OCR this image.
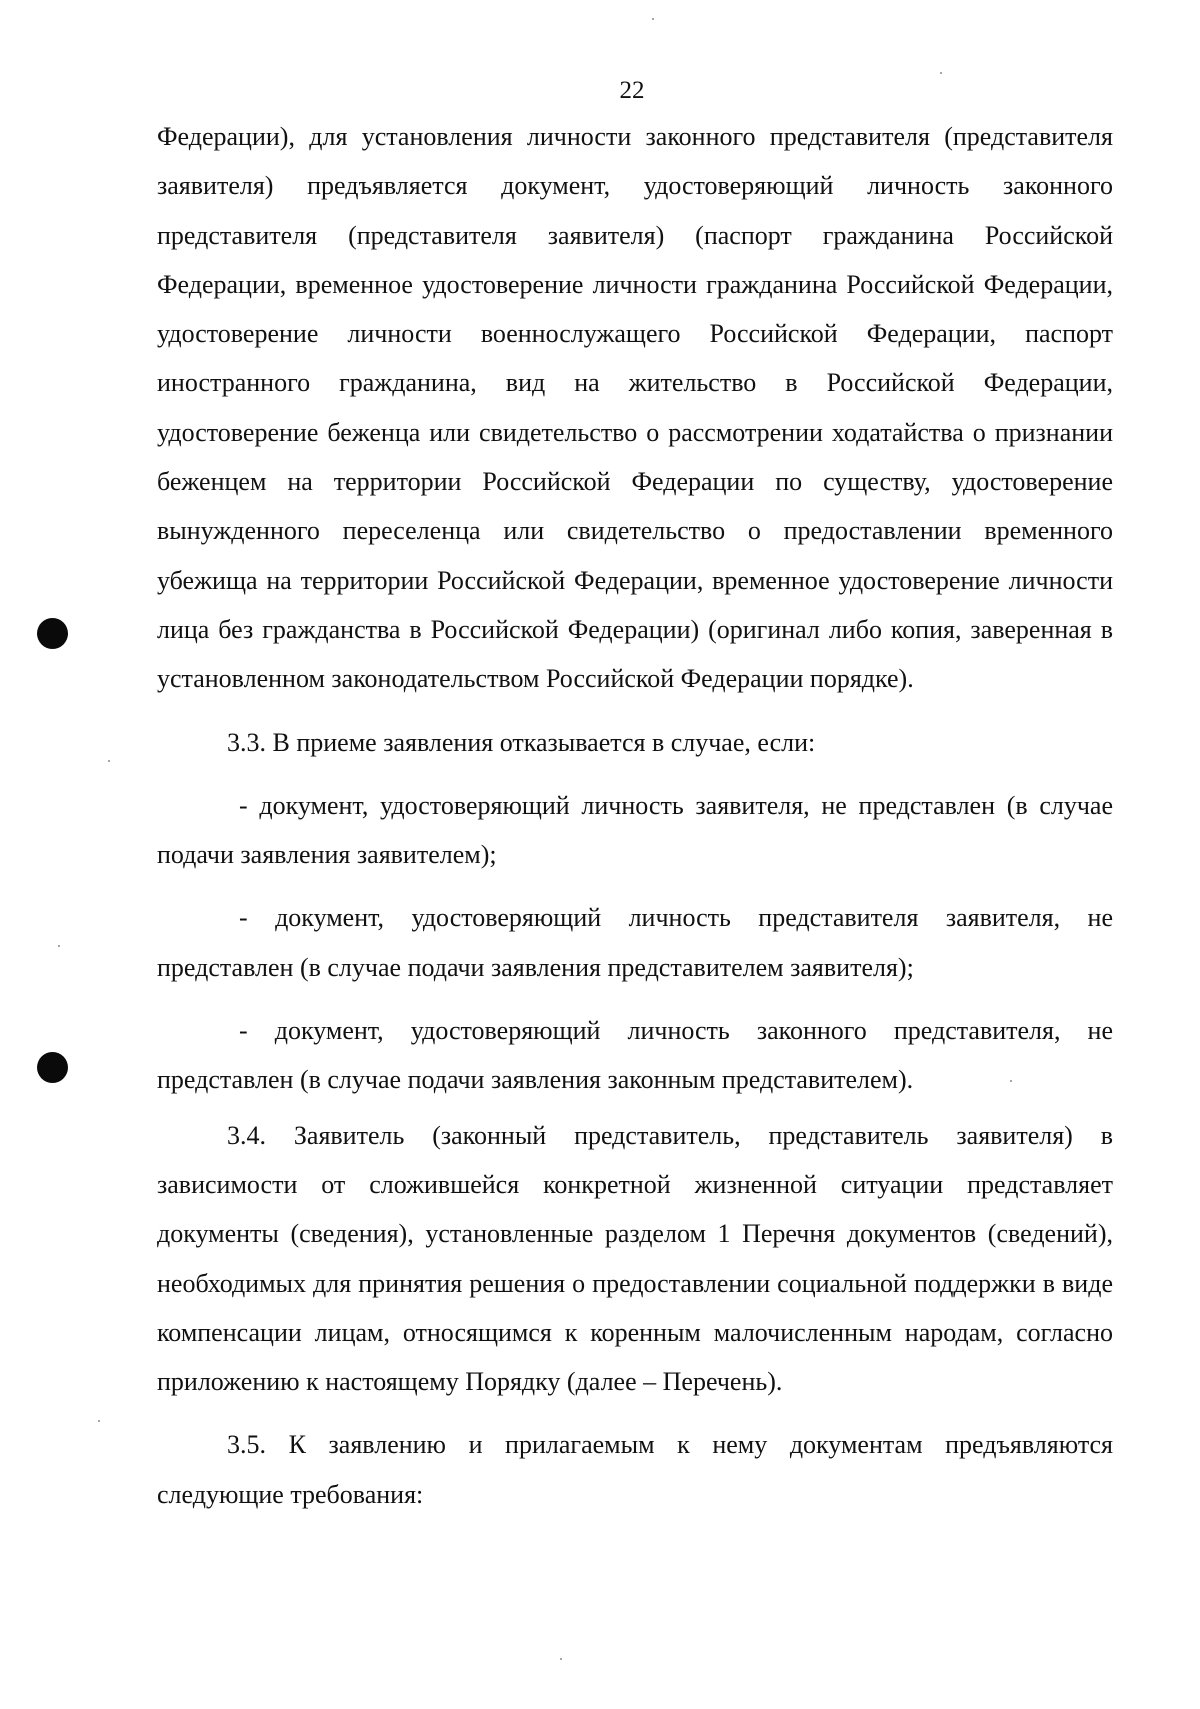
22

Федерации), для установления личности законного представителя (представителя заявителя) предъявляется документ, удостоверяющий личность законного представителя (представителя заявителя) (паспорт гражданина Российской Федерации, временное удостоверение личности гражданина Российской Федерации, удостоверение личности военнослужащего Российской Федерации, паспорт иностранного гражданина, вид на жительство в Российской Федерации, удостоверение беженца или свидетельство о рассмотрении ходатайства о признании беженцем на территории Российской Федерации по существу, удостоверение вынужденного переселенца или свидетельство о предоставлении временного убежища на территории Российской Федерации, временное удостоверение личности лица без гражданства в Российской Федерации) (оригинал либо копия, заверенная в установленном законодательством Российской Федерации порядке).

3.3. В приеме заявления отказывается в случае, если:

- документ, удостоверяющий личность заявителя, не представлен (в случае подачи заявления заявителем);

- документ, удостоверяющий личность представителя заявителя, не представлен (в случае подачи заявления представителем заявителя);

- документ, удостоверяющий личность законного представителя, не представлен (в случае подачи заявления законным представителем).

3.4. Заявитель (законный представитель, представитель заявителя) в зависимости от сложившейся конкретной жизненной ситуации представляет документы (сведения), установленные разделом 1 Перечня документов (сведений), необходимых для принятия решения о предоставлении социальной поддержки в виде компенсации лицам, относящимся к коренным малочисленным народам, согласно приложению к настоящему Порядку (далее – Перечень).

3.5. К заявлению и прилагаемым к нему документам предъявляются следующие требования:
